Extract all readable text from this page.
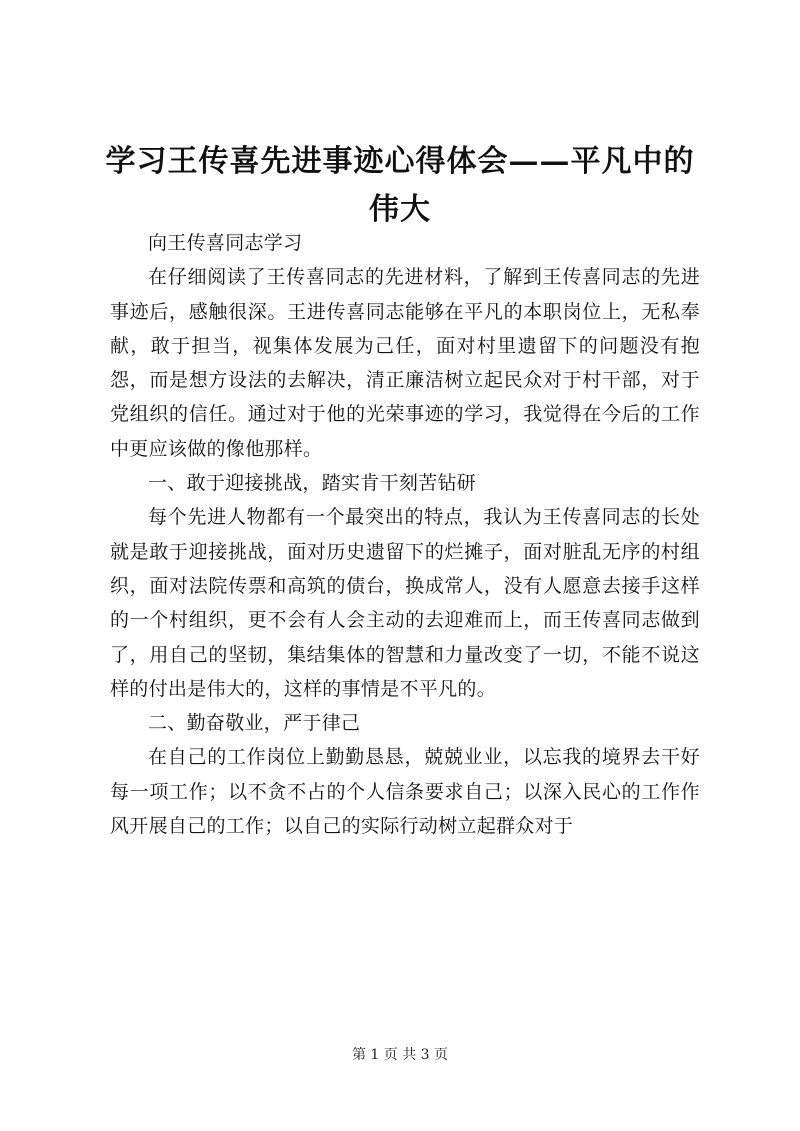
学习王传喜先进事迹心得体会——平凡中的伟大

向王传喜同志学习

在仔细阅读了王传喜同志的先进材料，了解到王传喜同志的先进事迹后，感触很深。王进传喜同志能够在平凡的本职岗位上，无私奉献，敢于担当，视集体发展为己任，面对村里遗留下的问题没有抱怨，而是想方设法的去解决，清正廉洁树立起民众对于村干部，对于党组织的信任。通过对于他的光荣事迹的学习，我觉得在今后的工作中更应该做的像他那样。

一、敢于迎接挑战，踏实肯干刻苦钻研

每个先进人物都有一个最突出的特点，我认为王传喜同志的长处就是敢于迎接挑战，面对历史遗留下的烂摊子，面对脏乱无序的村组织，面对法院传票和高筑的债台，换成常人，没有人愿意去接手这样的一个村组织，更不会有人会主动的去迎难而上，而王传喜同志做到了，用自己的坚韧，集结集体的智慧和力量改变了一切，不能不说这样的付出是伟大的，这样的事情是不平凡的。

二、勤奋敬业，严于律己

在自己的工作岗位上勤勤恳恳，兢兢业业，以忘我的境界去干好每一项工作；以不贪不占的个人信条要求自己；以深入民心的工作作风开展自己的工作；以自己的实际行动树立起群众对于

第 1 页 共 3 页
